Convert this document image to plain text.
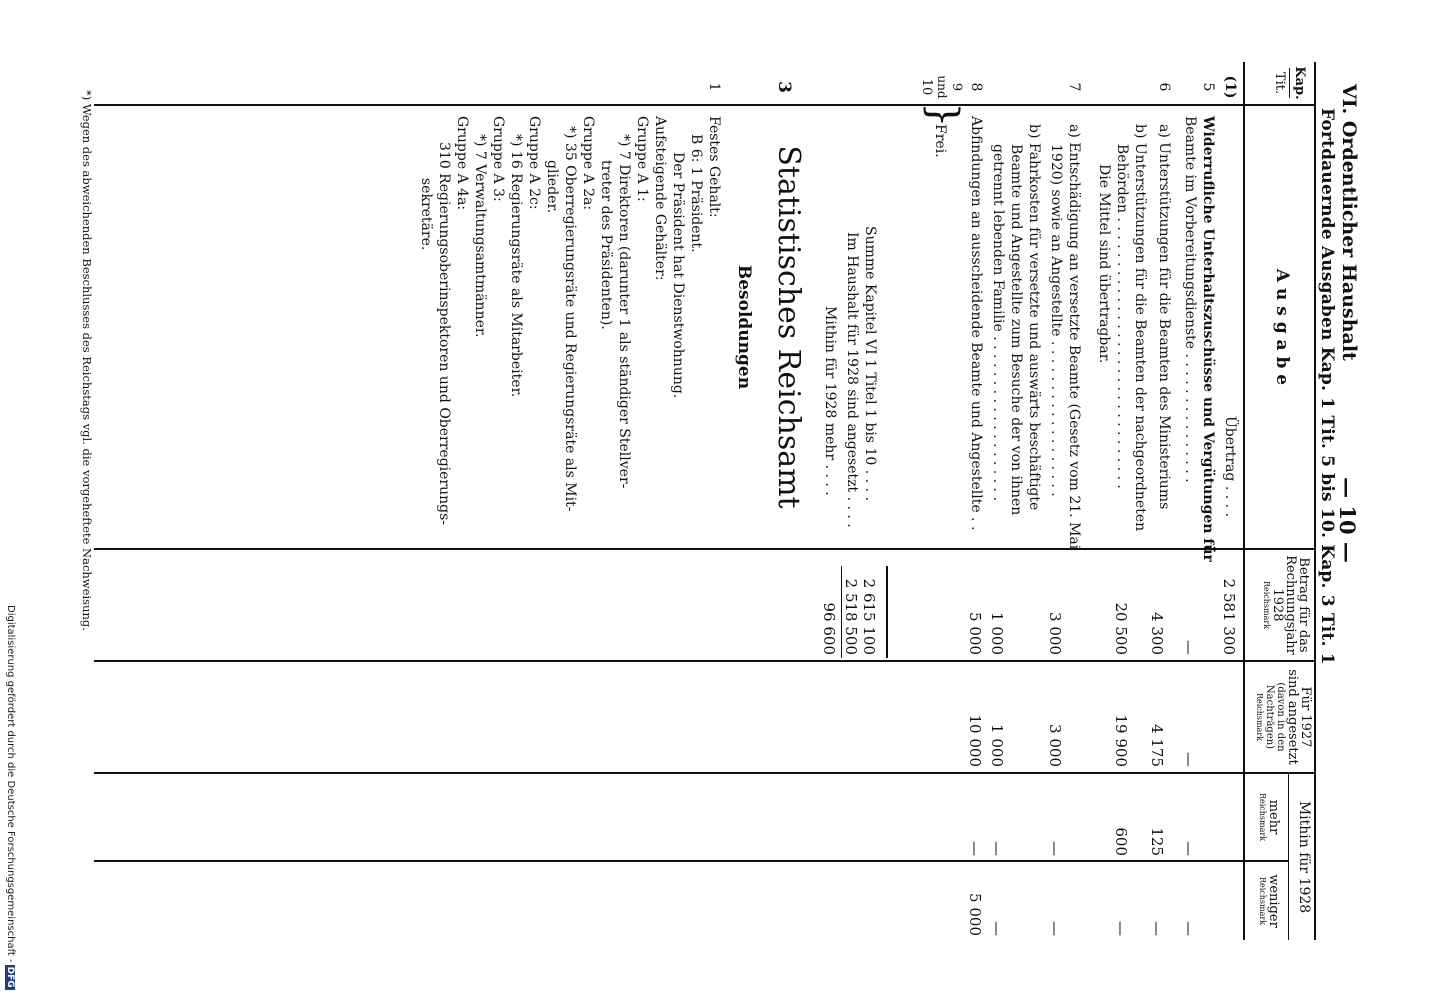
VI. Ordentlicher Haushalt
— 10 —
Fortdauernde Ausgaben Kap. 1 Tit. 5 bis 10. Kap. 3 Tit. 1
Kap.
Tit.
A u s g a b e
Betrag für das
Rechnungsjahr
1928
Reichsmark
Für 1927
sind angesetzt
(davon in den
Nachträgen)
Reichsmark
Mithin für 1928
mehr
Reichsmark
weniger
Reichsmark
(1)
Übertrag . . . .
2 581 300
5
Widerrufliche Unterhaltszuschüsse und Vergütungen für
Beamte im Vorbereitungsdienste . . . . . . . . . . . . . . .
—
—
—
—
6
a) Unterstützungen für die Beamten des Ministeriums
4 300
4 175
125
—
b) Unterstützungen für die Beamten der nachgeordneten
Behörden . . . . . . . . . . . . . . . . . . . . . . . . . . . . . . .
Die Mittel sind übertragbar.
20 500
19 900
600
—
7
a) Entschädigung an versetzte Beamte (Gesetz vom 21. Mai
1920) sowie an Angestellte . . . . . . . . . . . . . . . . . .
3 000
3 000
—
—
b) Fahrkosten für versetzte und auswärts beschäftigte
Beamte und Angestellte zum Besuche der von ihnen
getrennt lebenden Familie . . . . . . . . . . . . . . . . . . .
1 000
1 000
—
—
8
Abfindungen an ausscheidende Beamte und Angestellte . .
5 000
10 000
—
5 000
9
und
10
}
Frei.
Summe Kapitel VI 1 Titel 1 bis 10 . . . .
2 615 100
Im Haushalt für 1928 sind angesetzt . . . .
2 518 500
Mithin für 1928 mehr . . . .
96 600
3
Statistisches Reichsamt
Besoldungen
1
Festes Gehalt:
B 6: 1 Präsident.
Der Präsident hat Dienstwohnung.
Aufsteigende Gehälter:
Gruppe A 1:
*) 7 Direktoren (darunter 1 als ständiger Stellver-
treter des Präsidenten).
Gruppe A 2a:
*) 35 Oberregierungsräte und Regierungsräte als Mit-
glieder.
Gruppe A 2c:
*) 16 Regierungsräte als Mitarbeiter.
Gruppe A 3:
*) 7 Verwaltungsamtmänner.
Gruppe A 4a:
310 Regierungsoberinspektoren und Oberregierungs-
sekretäre.
*) Wegen des abweichenden Beschlusses des Reichstags vgl. die vorgeheftete Nachweisung.
Digitalisierung gefördert durch die Deutsche Forschungsgemeinschaft -DFG
